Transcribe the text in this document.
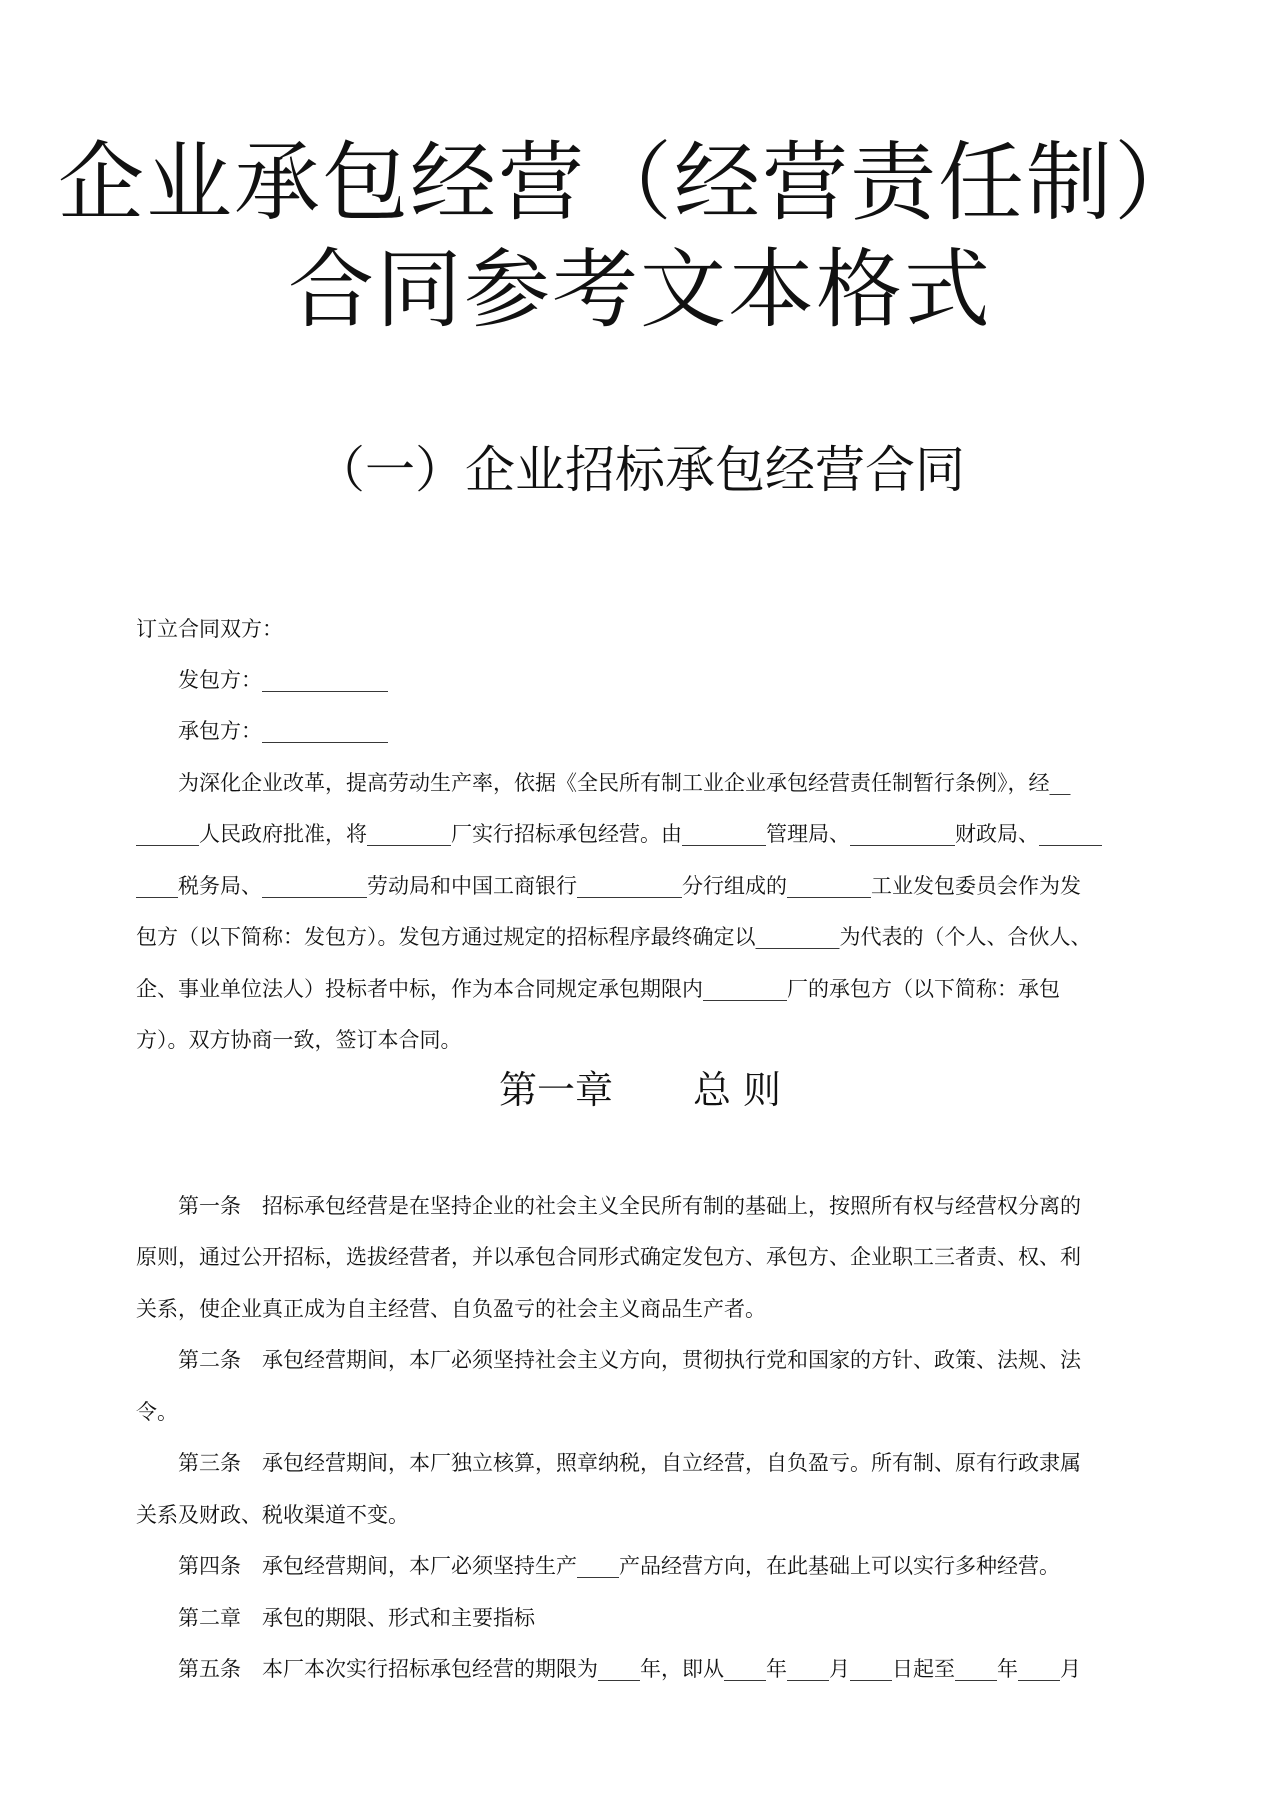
企业承包经营（经营责任制）
合同参考文本格式
（一）企业招标承包经营合同
订立合同双方：
发包方：____________
承包方：____________
为深化企业改革，提高劳动生产率，依据《全民所有制工业企业承包经营责任制暂行条例》，经__
______人民政府批准，将________厂实行招标承包经营。由________管理局、__________财政局、______
____税务局、__________劳动局和中国工商银行__________分行组成的________工业发包委员会作为发
包方（以下简称：发包方）。发包方通过规定的招标程序最终确定以________为代表的（个人、合伙人、
企、事业单位法人）投标者中标，作为本合同规定承包期限内________厂的承包方（以下简称：承包
方）。双方协商一致，签订本合同。
第一章 总 则
第一条　招标承包经营是在坚持企业的社会主义全民所有制的基础上，按照所有权与经营权分离的
原则，通过公开招标，选拔经营者，并以承包合同形式确定发包方、承包方、企业职工三者责、权、利
关系，使企业真正成为自主经营、自负盈亏的社会主义商品生产者。
第二条　承包经营期间，本厂必须坚持社会主义方向，贯彻执行党和国家的方针、政策、法规、法
令。
第三条　承包经营期间，本厂独立核算，照章纳税，自立经营，自负盈亏。所有制、原有行政隶属
关系及财政、税收渠道不变。
第四条　承包经营期间，本厂必须坚持生产____产品经营方向，在此基础上可以实行多种经营。
第二章　承包的期限、形式和主要指标
第五条　本厂本次实行招标承包经营的期限为____年，即从____年____月____日起至____年____月
